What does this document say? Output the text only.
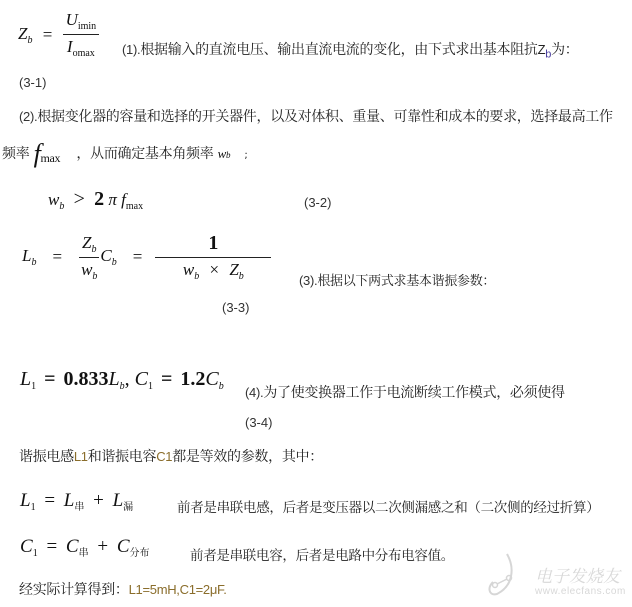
$Z_b = \frac{U_{imin}}{I_{omax}} (1)$.根据输入的直流电压、输出直流电流的变化，由下式求出基本阻抗$Z_b$为：
(3-1)
(2).根据变化器的容量和选择的开关器件，以及对体积、重量、可靠性和成本的要求，选择最高工作
频率 fmax ，从而确定基本角频率 wb ;
$w_b > 2$ π $f_{max}$	(3-2)
$L_b = \frac{Z_b}{w_b} C_b = \frac{1}{w_b \times Z_b} (3)$.根据以下两式求基本谐振参数：
(3-3)
$L_1 = 0.833L_b$, $C_1 = 1.2C_b$ (4).为了使变换器工作于电流断续工作模式，必须使得
(3-4)
谐振电感L1和谐振电容C1都是等效的参数，其中：
$L_1 = L_串 + L_漏$	前者是串联电感，后者是变压器以二次侧漏感之和（二次侧的经过折算）
$C_1 = C_串 + C_{分布}$	前者是串联电容，后者是电路中分布电容值。
经实际计算得到：L1=5mH,C1=2μF.
电子发烧友
www.elecfans.com
